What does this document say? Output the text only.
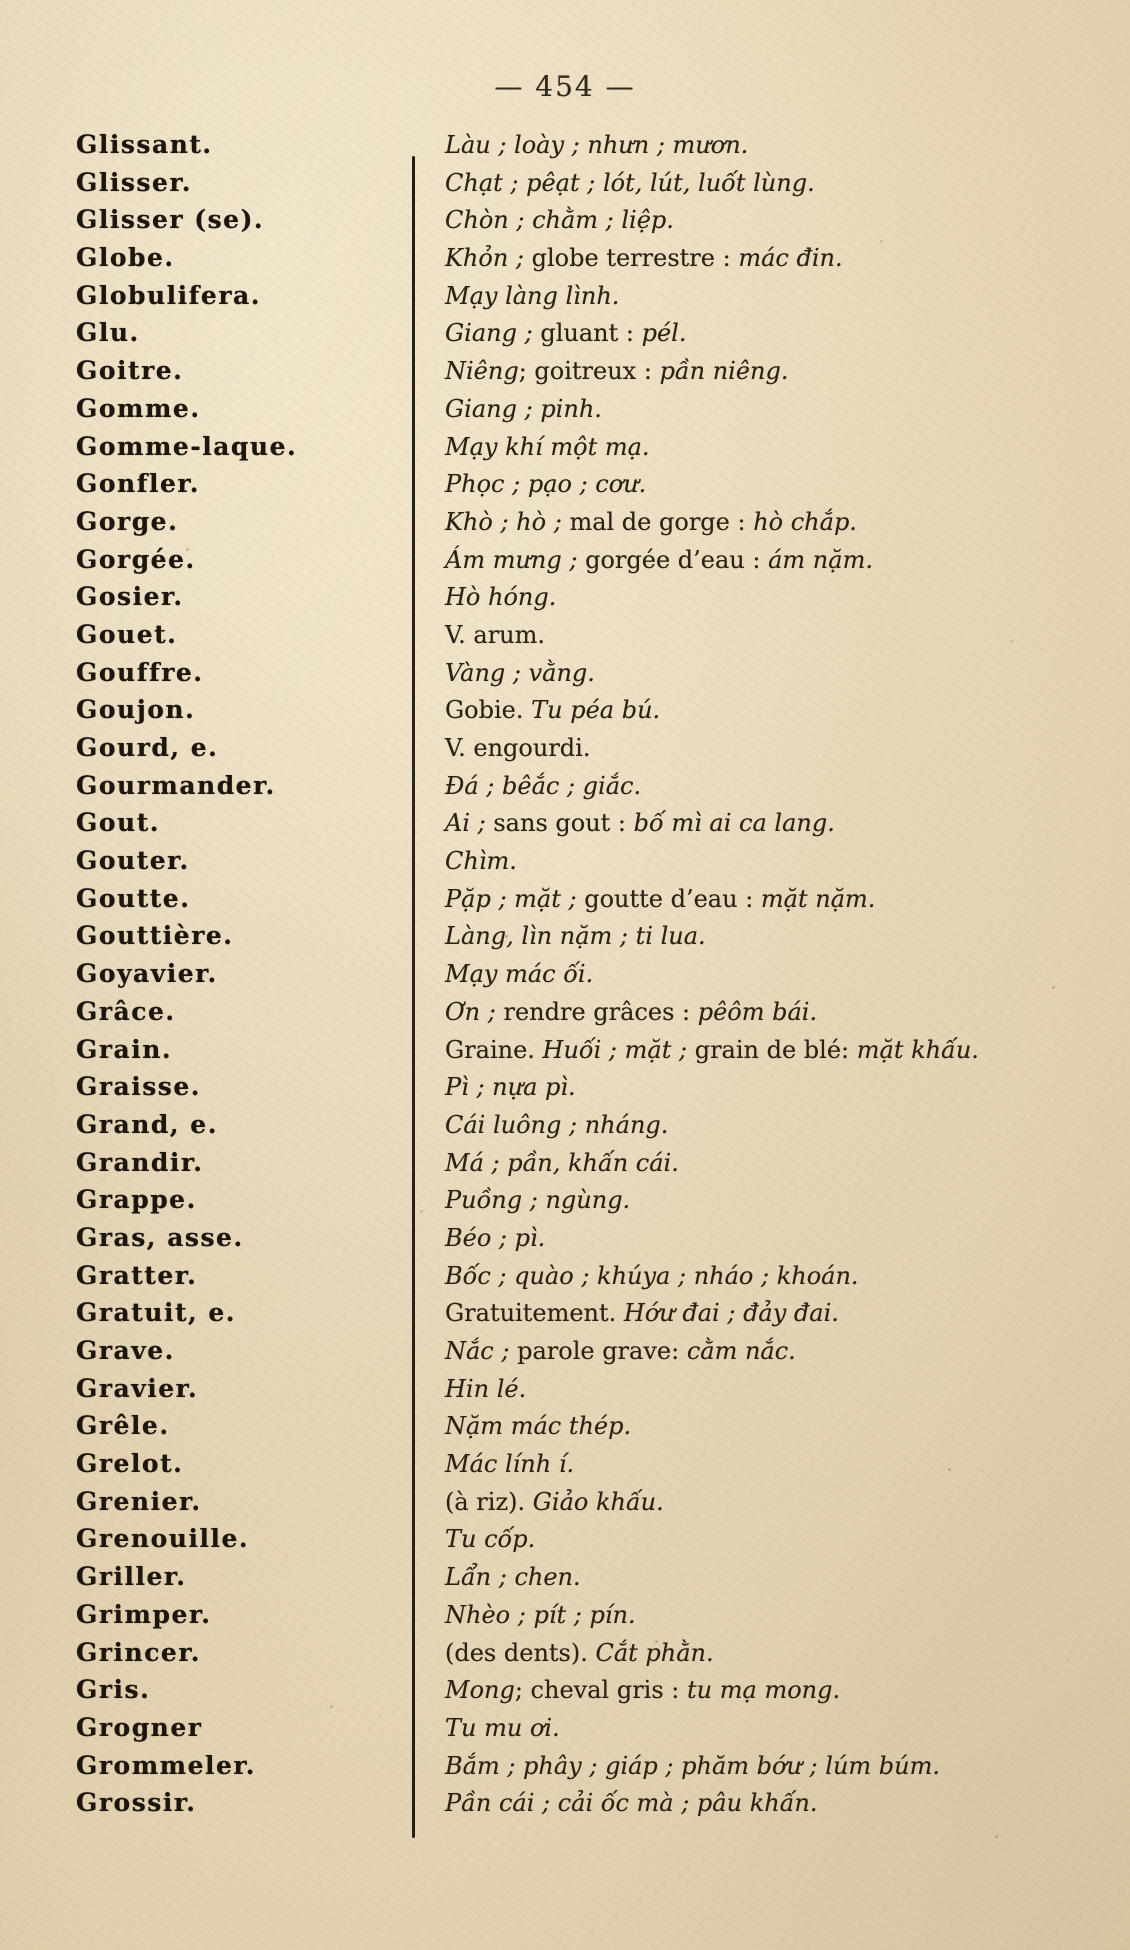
— 454 —
Glissant.	Làu ; loày ; nhưn ; mươn.
Glisser.	Chạt ; pêạt ; lót, lút, luốt lùng.
Glisser (se).	Chòn ; chằm ; liệp.
Globe.	Khỏn ; globe terrestre : mác đin.
Globulifera.	Mạy làng lình.
Glu.	Giang ; gluant : pél.
Goitre.	Niêng; goitreux : pần niêng.
Gomme.	Giang ; pinh.
Gomme-laque.	Mạy khí một mạ.
Gonfler.	Phọc ; pạo ; cơư.
Gorge.	Khò ; hò ; mal de gorge : hò chắp.
Gorgée.	Ám mưng ; gorgée d’eau : ám nặm.
Gosier.	Hò hóng.
Gouet.	V. arum.
Gouffre.	Vàng ; vằng.
Goujon.	Gobie. Tu péa bú.
Gourd, e.	V. engourdi.
Gourmander.	Đá ; bêắc ; giắc.
Gout.	Ai ; sans gout : bố mì ai ca lang.
Gouter.	Chìm.
Goutte.	Pặp ; mặt ; goutte d’eau : mặt nặm.
Gouttière.	Làng, lìn nặm ; ti lua.
Goyavier.	Mạy mác ối.
Grâce.	Ơn ; rendre grâces : pêôm bái.
Grain.	Graine. Huối ; mặt ; grain de blé: mặt khấu.
Graisse.	Pì ; nựa pì.
Grand, e.	Cái luông ; nháng.
Grandir.	Má ; pần, khấn cái.
Grappe.	Puồng ; ngùng.
Gras, asse.	Béo ; pì.
Gratter.	Bốc ; quào ; khúya ; nháo ; khoán.
Gratuit, e.	Gratuitement. Hớư đai ; đảy đai.
Grave.	Nắc ; parole grave: cằm nắc.
Gravier.	Hin lé.
Grêle.	Nặm mác thép.
Grelot.	Mác lính í.
Grenier.	(à riz). Giảo khấu.
Grenouille.	Tu cốp.
Griller.	Lẩn ; chen.
Grimper.	Nhèo ; pít ; pín.
Grincer.	(des dents). Cắt phằn.
Gris.	Mong; cheval gris : tu mạ mong.
Grogner	Tu mu ơi.
Grommeler.	Bắm ; phây ; giáp ; phăm bớư ; lúm búm.
Grossir.	Pần cái ; cải ốc mà ; pâu khấn.
